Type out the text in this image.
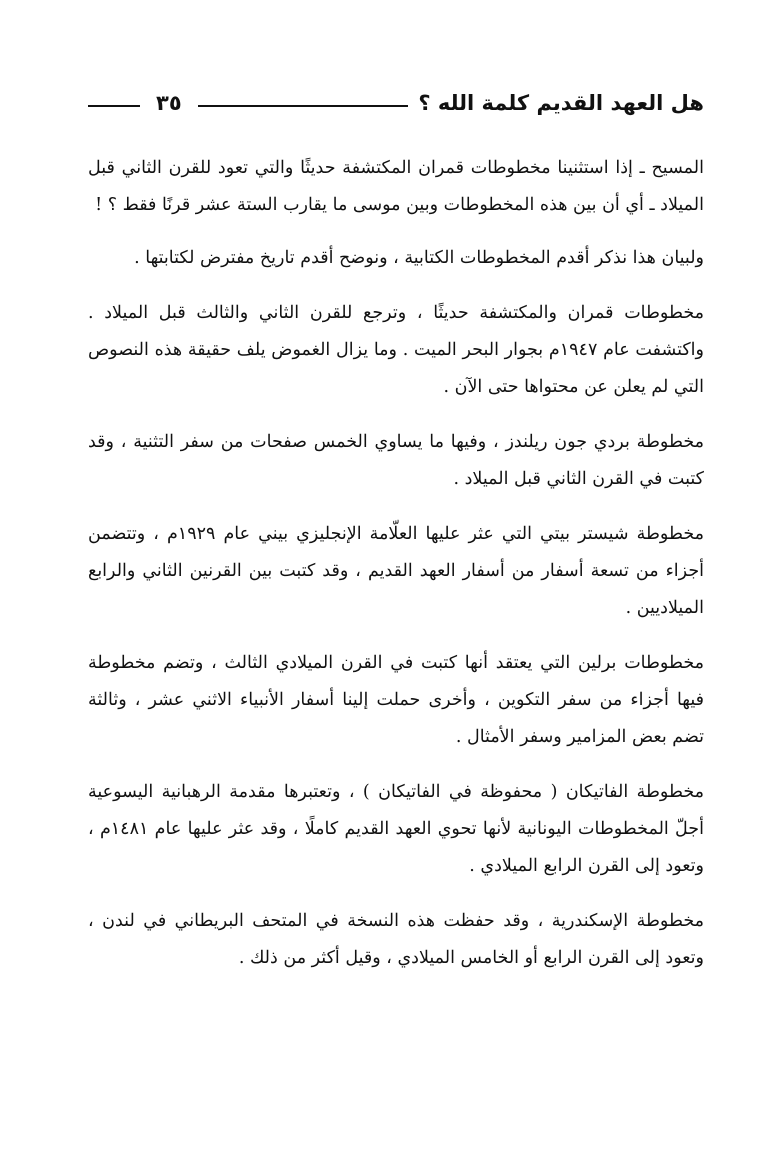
هل العهد القديم كلمة الله ؟
٣٥

المسيح ـ إذا استثنينا مخطوطات قمران المكتشفة حديثًا والتي تعود للقرن الثاني قبل الميلاد ـ أي أن بين هذه المخطوطات وبين موسى ما يقارب الستة عشر قرنًا فقط ؟ !

ولبيان هذا نذكر أقدم المخطوطات الكتابية ، ونوضح أقدم تاريخ مفترض لكتابتها .

مخطوطات قمران والمكتشفة حديثًا ، وترجع للقرن الثاني والثالث قبل الميلاد . واكتشفت عام ١٩٤٧م بجوار البحر الميت . وما يزال الغموض يلف حقيقة هذه النصوص التي لم يعلن عن محتواها حتى الآن .

مخطوطة بردي جون ريلندز ، وفيها ما يساوي الخمس صفحات من سفر التثنية ، وقد كتبت في القرن الثاني قبل الميلاد .

مخطوطة شيستر بيتي التي عثر عليها العلّامة الإنجليزي بيني عام ١٩٢٩م ، وتتضمن أجزاء من تسعة أسفار من أسفار العهد القديم ، وقد كتبت بين القرنين الثاني والرابع الميلاديين .

مخطوطات برلين التي يعتقد أنها كتبت في القرن الميلادي الثالث ، وتضم مخطوطة فيها أجزاء من سفر التكوين ، وأخرى حملت إلينا أسفار الأنبياء الاثني عشر ، وثالثة تضم بعض المزامير وسفر الأمثال .

مخطوطة الفاتيكان ( محفوظة في الفاتيكان ) ، وتعتبرها مقدمة الرهبانية اليسوعية أجلّ المخطوطات اليونانية لأنها تحوي العهد القديم كاملًا ، وقد عثر عليها عام ١٤٨١م ، وتعود إلى القرن الرابع الميلادي .

مخطوطة الإسكندرية ، وقد حفظت هذه النسخة في المتحف البريطاني في لندن ، وتعود إلى القرن الرابع أو الخامس الميلادي ، وقيل أكثر من ذلك .
